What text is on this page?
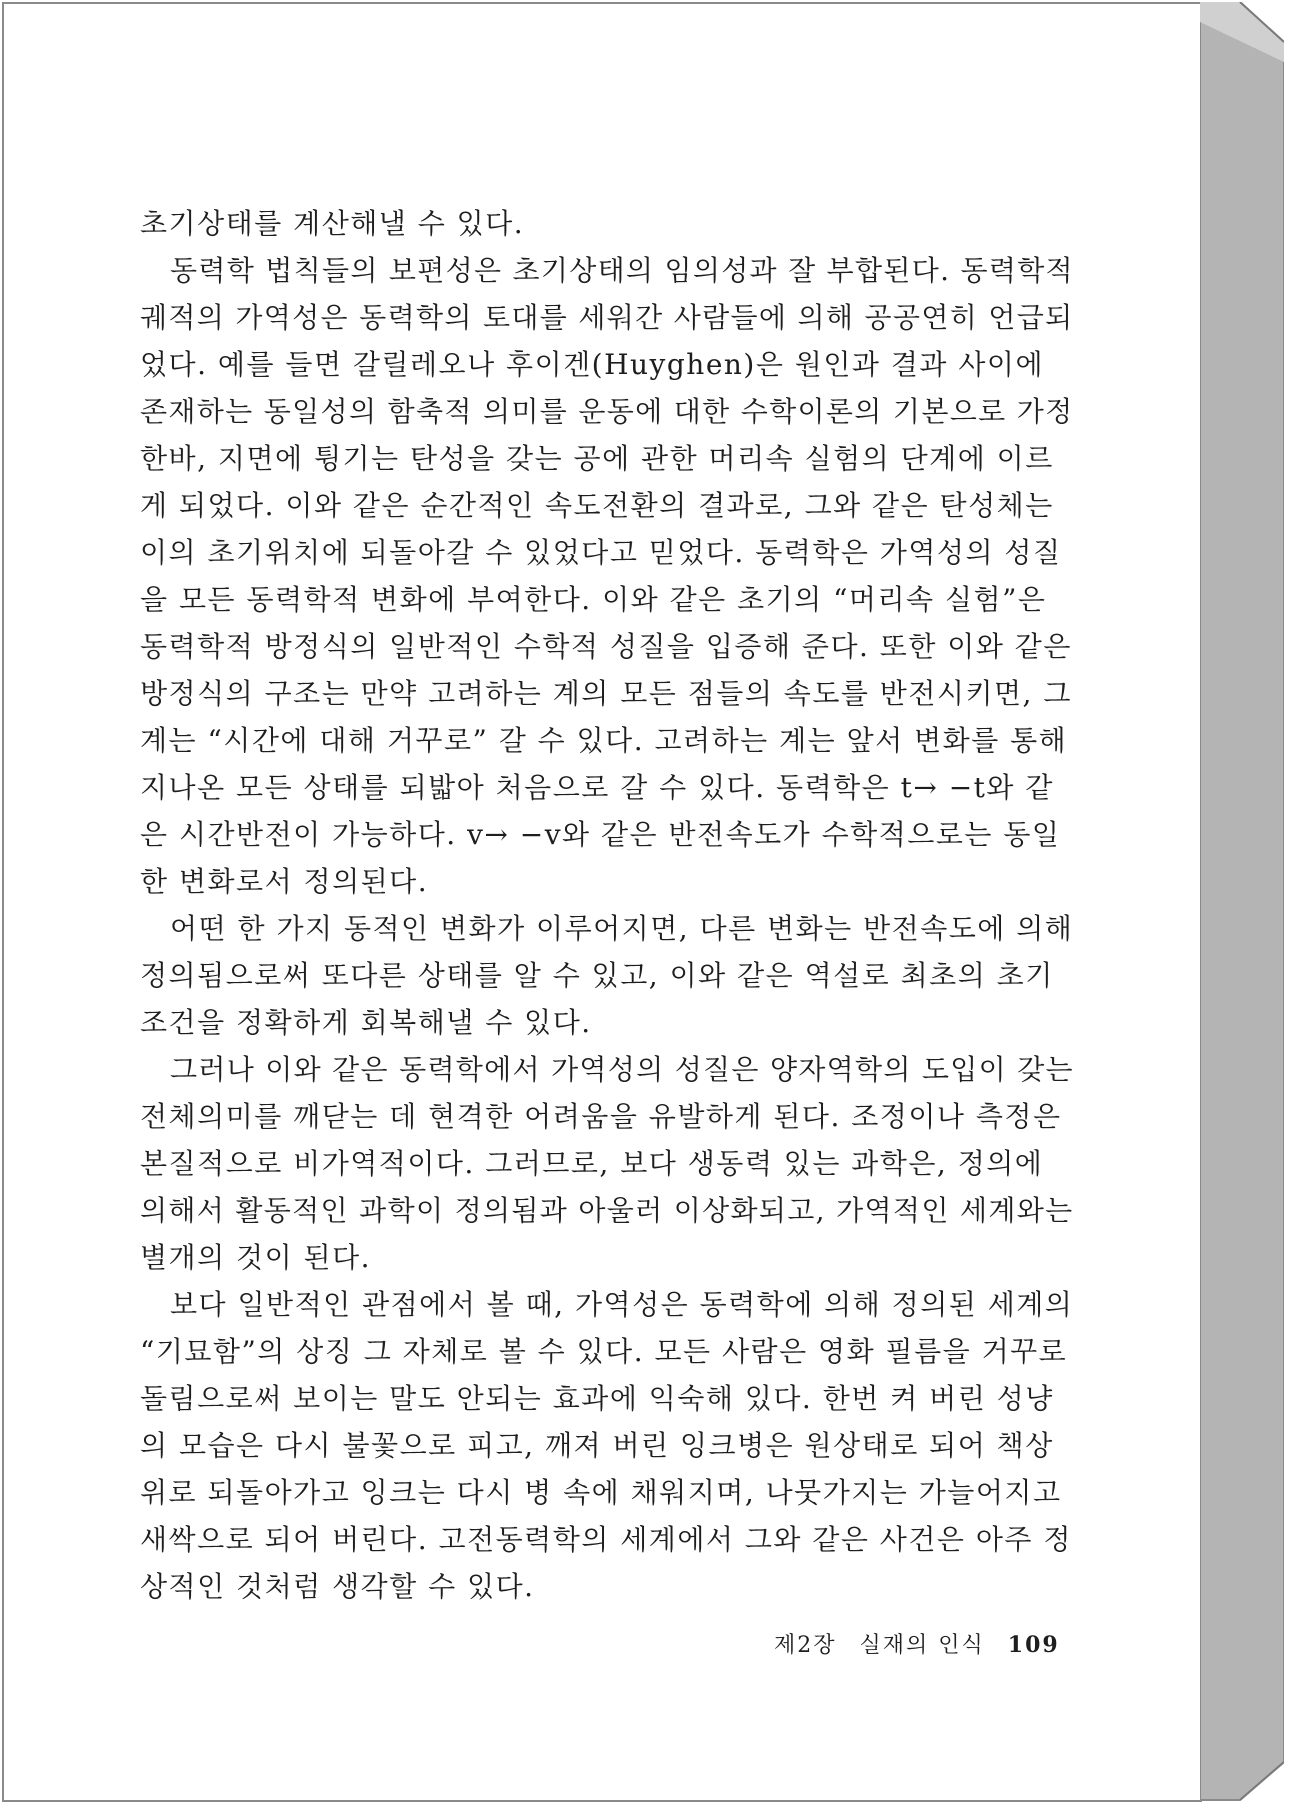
초기상태를 계산해낼 수 있다.
동력학 법칙들의 보편성은 초기상태의 임의성과 잘 부합된다. 동력학적
궤적의 가역성은 동력학의 토대를 세워간 사람들에 의해 공공연히 언급되
었다. 예를 들면 갈릴레오나 후이겐(Huyghen)은 원인과 결과 사이에
존재하는 동일성의 함축적 의미를 운동에 대한 수학이론의 기본으로 가정
한바, 지면에 튕기는 탄성을 갖는 공에 관한 머리속 실험의 단계에 이르
게 되었다. 이와 같은 순간적인 속도전환의 결과로, 그와 같은 탄성체는
이의 초기위치에 되돌아갈 수 있었다고 믿었다. 동력학은 가역성의 성질
을 모든 동력학적 변화에 부여한다. 이와 같은 초기의 “머리속 실험”은
동력학적 방정식의 일반적인 수학적 성질을 입증해 준다. 또한 이와 같은
방정식의 구조는 만약 고려하는 계의 모든 점들의 속도를 반전시키면, 그
계는 “시간에 대해 거꾸로” 갈 수 있다. 고려하는 계는 앞서 변화를 통해
지나온 모든 상태를 되밟아 처음으로 갈 수 있다. 동력학은 t→ −t와 같
은 시간반전이 가능하다. v→ −v와 같은 반전속도가 수학적으로는 동일
한 변화로서 정의된다.
어떤 한 가지 동적인 변화가 이루어지면, 다른 변화는 반전속도에 의해
정의됨으로써 또다른 상태를 알 수 있고, 이와 같은 역설로 최초의 초기
조건을 정확하게 회복해낼 수 있다.
그러나 이와 같은 동력학에서 가역성의 성질은 양자역학의 도입이 갖는
전체의미를 깨닫는 데 현격한 어려움을 유발하게 된다. 조정이나 측정은
본질적으로 비가역적이다. 그러므로, 보다 생동력 있는 과학은, 정의에
의해서 활동적인 과학이 정의됨과 아울러 이상화되고, 가역적인 세계와는
별개의 것이 된다.
보다 일반적인 관점에서 볼 때, 가역성은 동력학에 의해 정의된 세계의
“기묘함”의 상징 그 자체로 볼 수 있다. 모든 사람은 영화 필름을 거꾸로
돌림으로써 보이는 말도 안되는 효과에 익숙해 있다. 한번 켜 버린 성냥
의 모습은 다시 불꽃으로 피고, 깨져 버린 잉크병은 원상태로 되어 책상
위로 되돌아가고 잉크는 다시 병 속에 채워지며, 나뭇가지는 가늘어지고
새싹으로 되어 버린다. 고전동력학의 세계에서 그와 같은 사건은 아주 정
상적인 것처럼 생각할 수 있다.
제2장 실재의 인식 109
